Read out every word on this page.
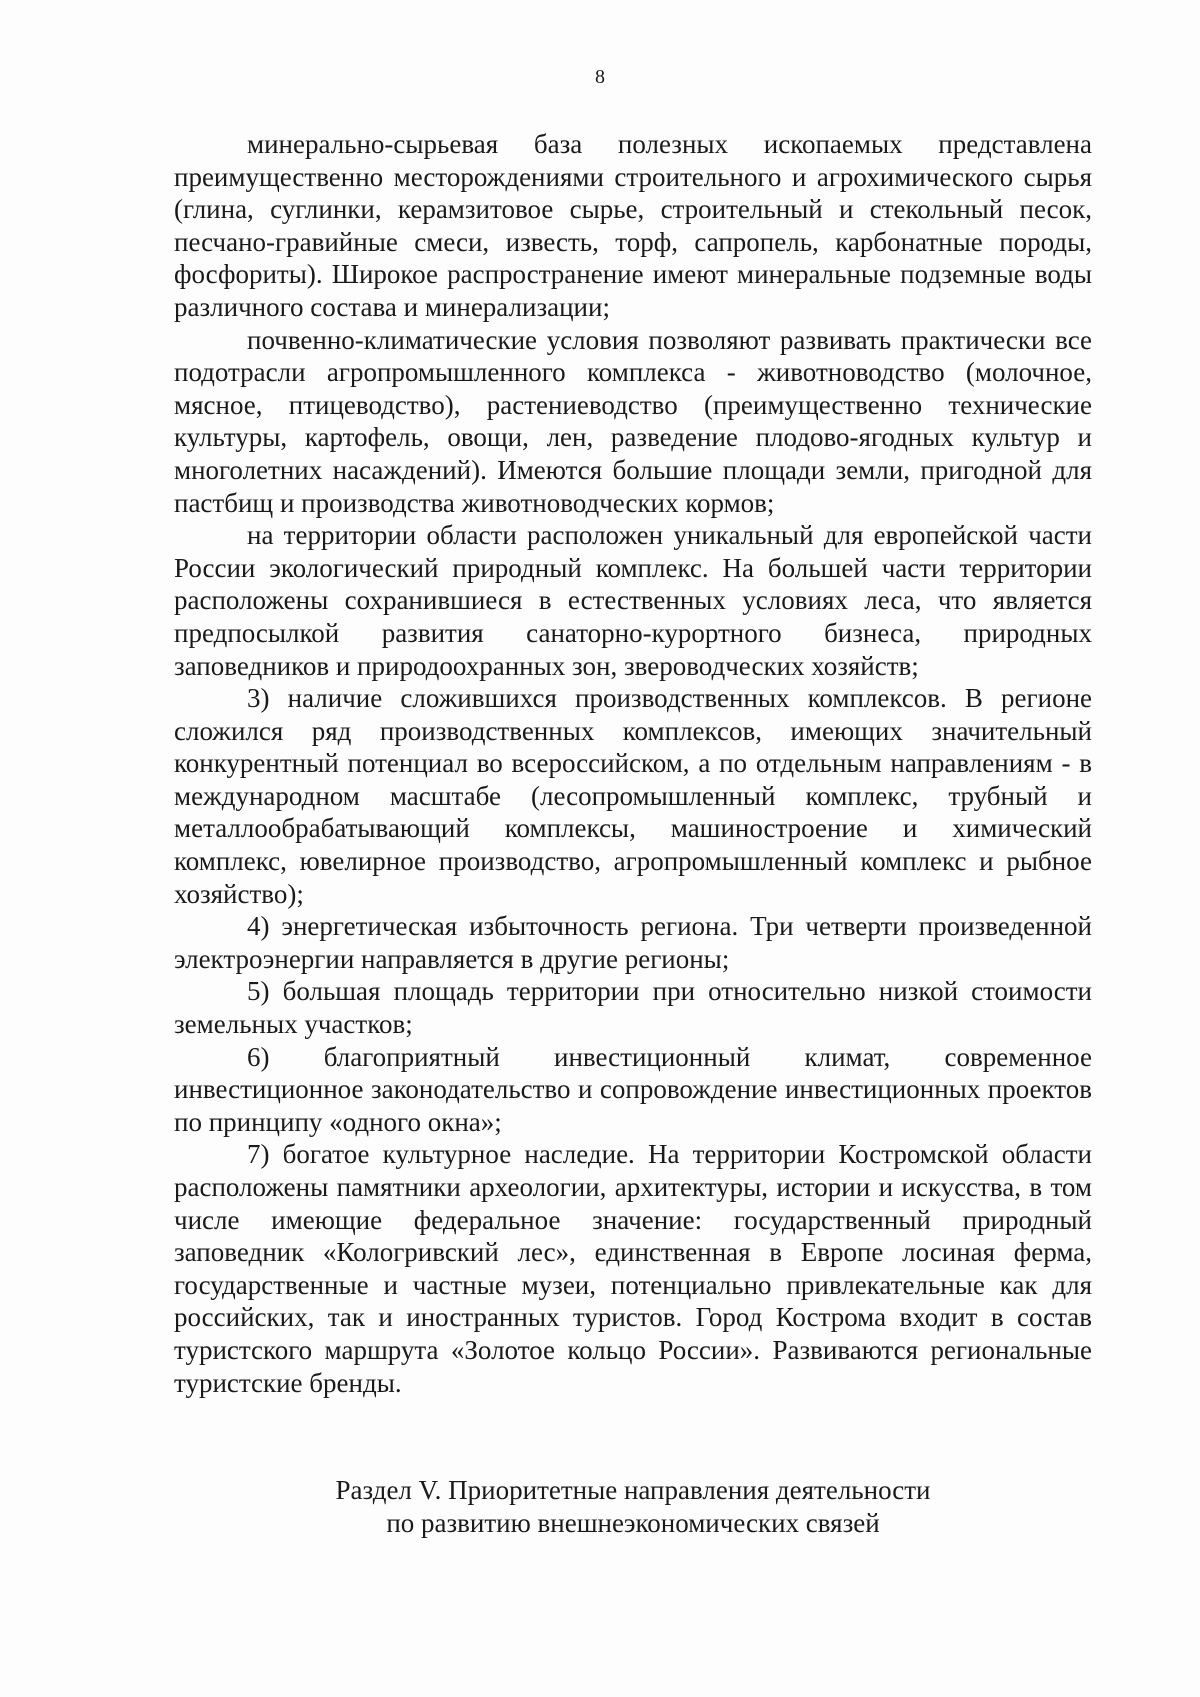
8

минерально-сырьевая база полезных ископаемых представлена преимущественно месторождениями строительного и агрохимического сырья (глина, суглинки, керамзитовое сырье, строительный и стекольный песок, песчано-гравийные смеси, известь, торф, сапропель, карбонатные породы, фосфориты). Широкое распространение имеют минеральные подземные воды различного состава и минерализации;

почвенно-климатические условия позволяют развивать практически все подотрасли агропромышленного комплекса - животноводство (молочное, мясное, птицеводство), растениеводство (преимущественно технические культуры, картофель, овощи, лен, разведение плодово-ягодных культур и многолетних насаждений). Имеются большие площади земли, пригодной для пастбищ и производства животноводческих кормов;

на территории области расположен уникальный для европейской части России экологический природный комплекс. На большей части территории расположены сохранившиеся в естественных условиях леса, что является предпосылкой развития санаторно-курортного бизнеса, природных заповедников и природоохранных зон, звероводческих хозяйств;

3) наличие сложившихся производственных комплексов. В регионе сложился ряд производственных комплексов, имеющих значительный конкурентный потенциал во всероссийском, а по отдельным направлениям - в международном масштабе (лесопромышленный комплекс, трубный и металлообрабатывающий комплексы, машиностроение и химический комплекс, ювелирное производство, агропромышленный комплекс и рыбное хозяйство);

4) энергетическая избыточность региона. Три четверти произведенной электроэнергии направляется в другие регионы;

5) большая площадь территории при относительно низкой стоимости земельных участков;

6) благоприятный инвестиционный климат, современное инвестиционное законодательство и сопровождение инвестиционных проектов по принципу «одного окна»;

7) богатое культурное наследие. На территории Костромской области расположены памятники археологии, архитектуры, истории и искусства, в том числе имеющие федеральное значение: государственный природный заповедник «Кологривский лес», единственная в Европе лосиная ферма, государственные и частные музеи, потенциально привлекательные как для российских, так и иностранных туристов. Город Кострома входит в состав туристского маршрута «Золотое кольцо России». Развиваются региональные туристские бренды.

Раздел V. Приоритетные направления деятельности
по развитию внешнеэкономических связей
